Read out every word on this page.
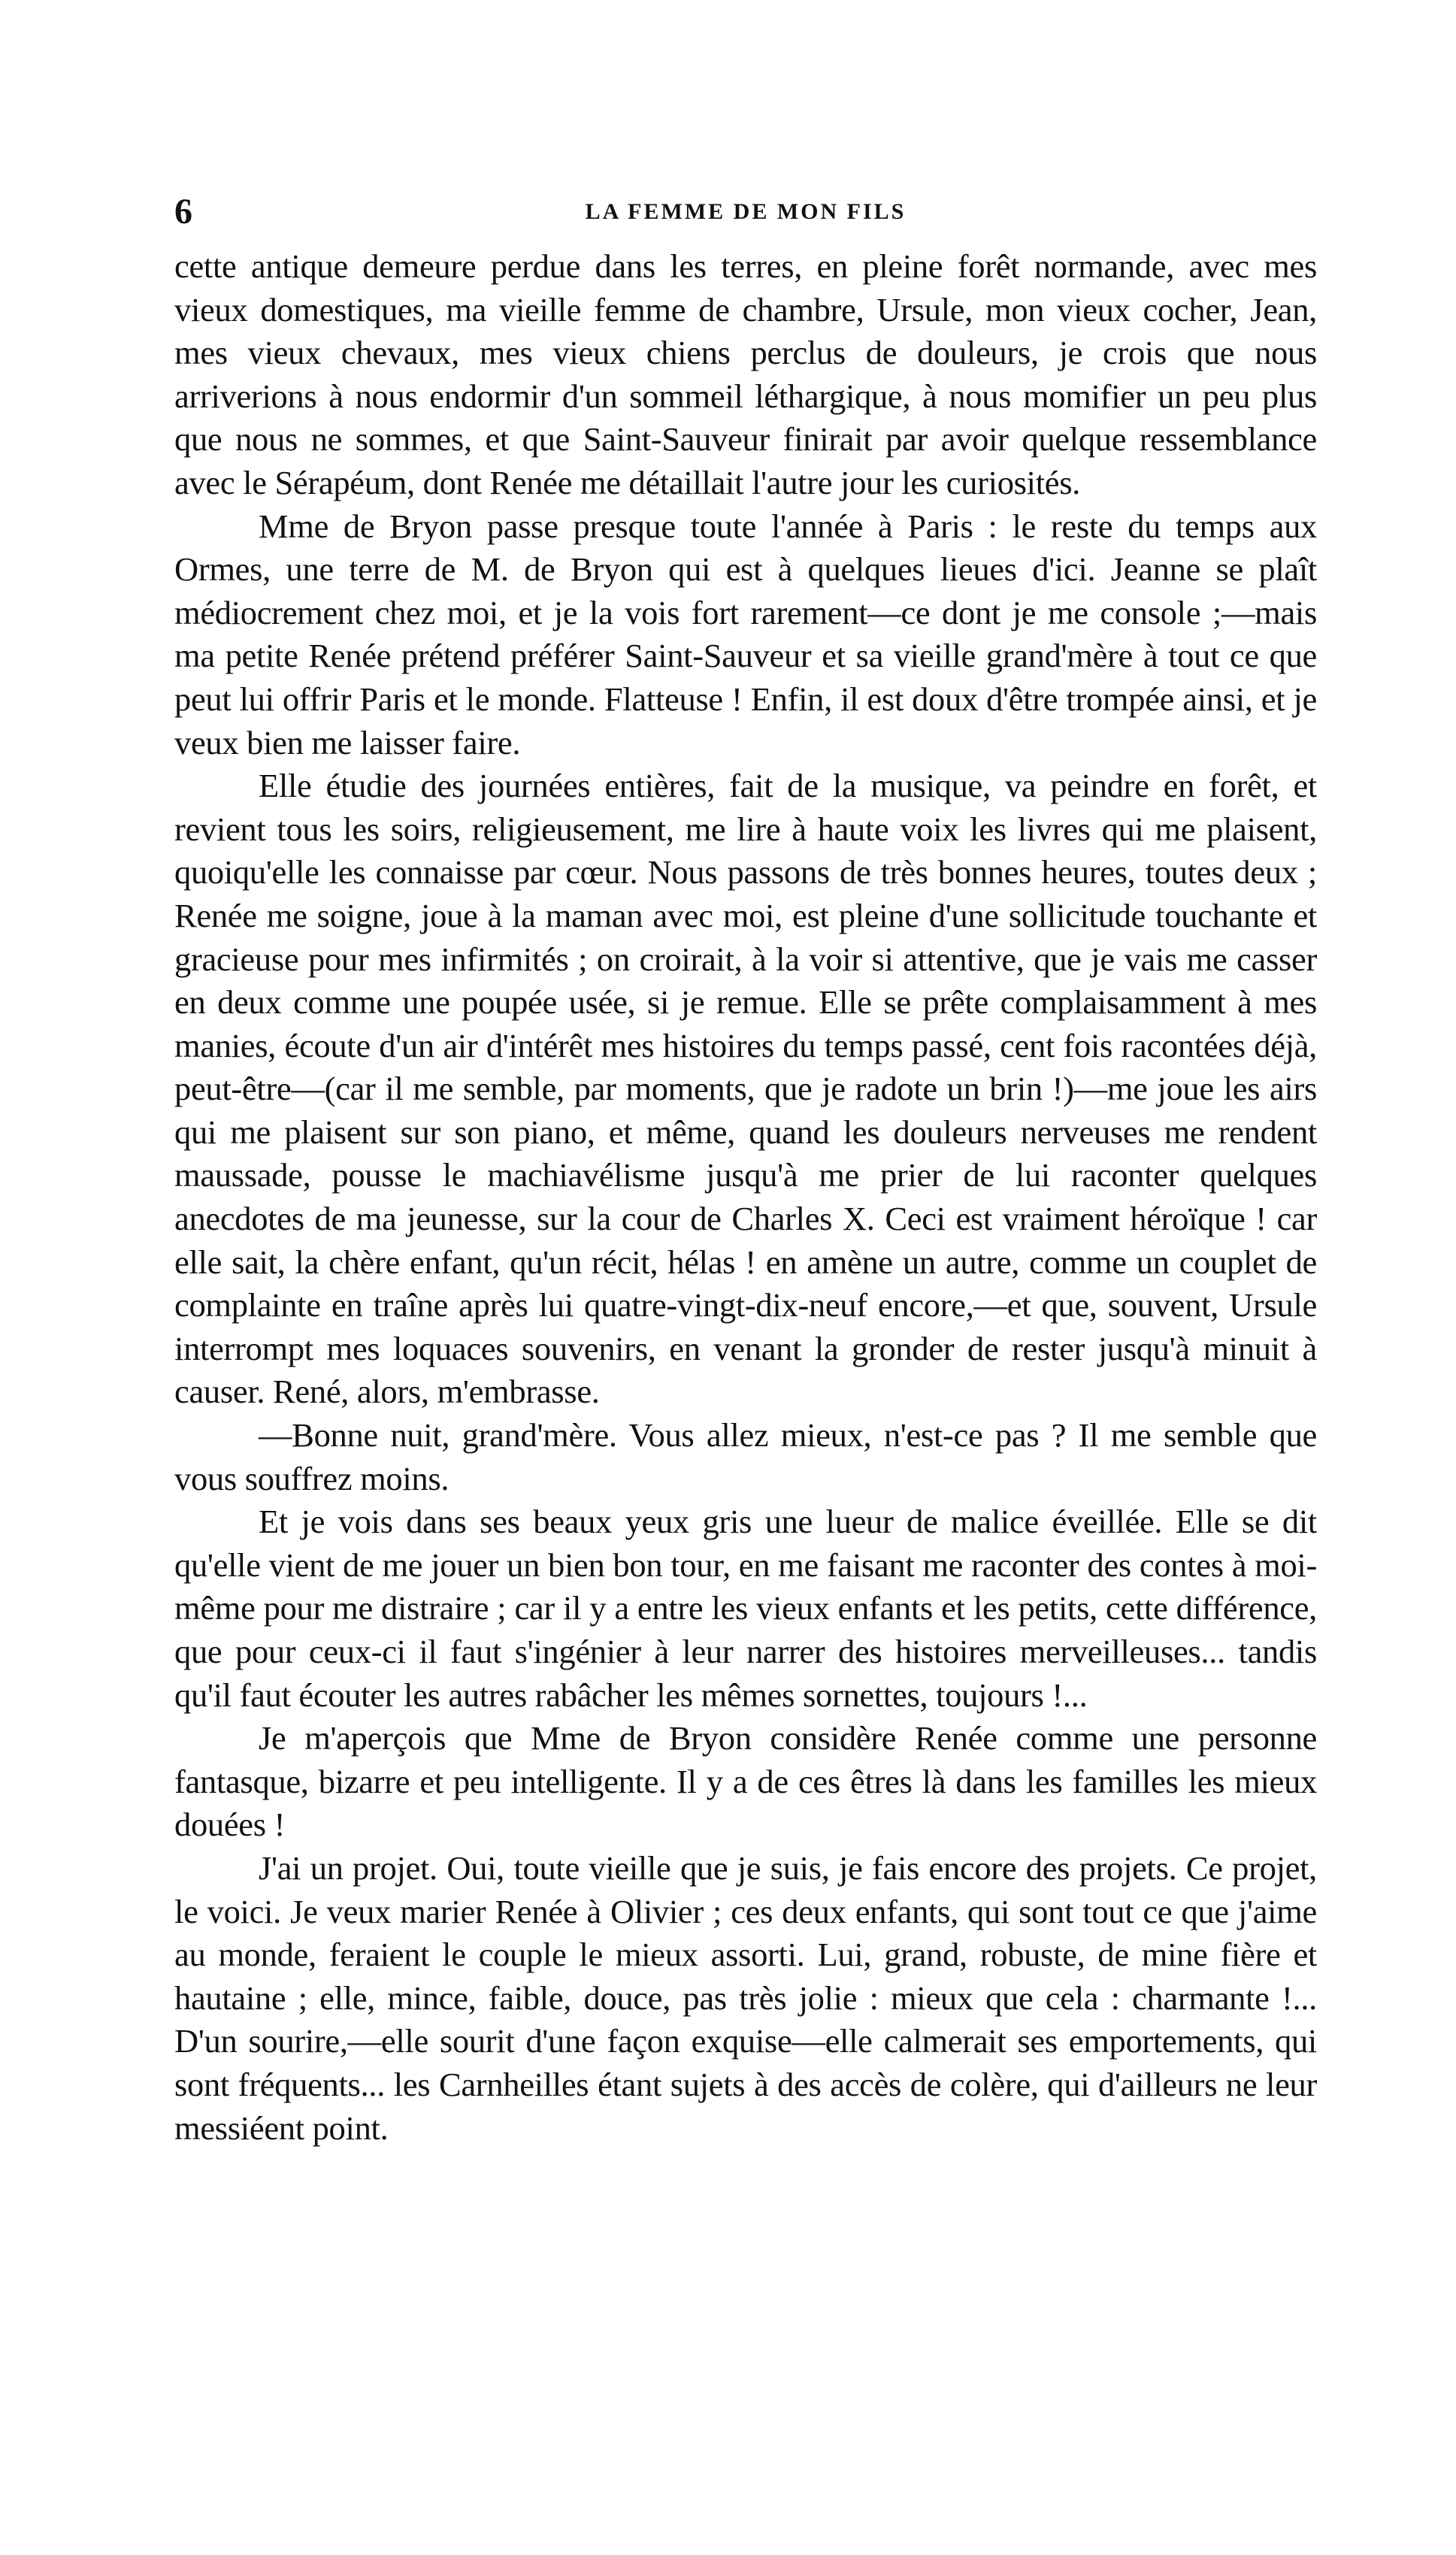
6	LA FEMME DE MON FILS

cette antique demeure perdue dans les terres, en pleine forêt normande, avec mes vieux domestiques, ma vieille femme de chambre, Ursule, mon vieux cocher, Jean, mes vieux chevaux, mes vieux chiens perclus de douleurs, je crois que nous arriverions à nous endormir d'un sommeil léthargique, à nous momifier un peu plus que nous ne sommes, et que Saint-Sauveur finirait par avoir quelque ressemblance avec le Sérapéum, dont Renée me détaillait l'autre jour les curiosités.

Mme de Bryon passe presque toute l'année à Paris : le reste du temps aux Ormes, une terre de M. de Bryon qui est à quelques lieues d'ici. Jeanne se plaît médiocrement chez moi, et je la vois fort rarement—ce dont je me console ;—mais ma petite Renée prétend préférer Saint-Sauveur et sa vieille grand'mère à tout ce que peut lui offrir Paris et le monde. Flatteuse ! Enfin, il est doux d'être trompée ainsi, et je veux bien me laisser faire.

Elle étudie des journées entières, fait de la musique, va peindre en forêt, et revient tous les soirs, religieusement, me lire à haute voix les livres qui me plaisent, quoiqu'elle les connaisse par cœur. Nous passons de très bonnes heures, toutes deux ; Renée me soigne, joue à la maman avec moi, est pleine d'une sollicitude touchante et gracieuse pour mes infirmités ; on croirait, à la voir si attentive, que je vais me casser en deux comme une poupée usée, si je remue. Elle se prête complaisamment à mes manies, écoute d'un air d'intérêt mes histoires du temps passé, cent fois racontées déjà, peut-être—(car il me semble, par moments, que je radote un brin !)—me joue les airs qui me plaisent sur son piano, et même, quand les douleurs nerveuses me rendent maussade, pousse le machiavélisme jusqu'à me prier de lui raconter quelques anecdotes de ma jeunesse, sur la cour de Charles X. Ceci est vraiment héroïque ! car elle sait, la chère enfant, qu'un récit, hélas ! en amène un autre, comme un couplet de complainte en traîne après lui quatre-vingt-dix-neuf encore,—et que, souvent, Ursule interrompt mes loquaces souvenirs, en venant la gronder de rester jusqu'à minuit à causer. René, alors, m'embrasse.

—Bonne nuit, grand'mère. Vous allez mieux, n'est-ce pas ? Il me semble que vous souffrez moins.

Et je vois dans ses beaux yeux gris une lueur de malice éveillée. Elle se dit qu'elle vient de me jouer un bien bon tour, en me faisant me raconter des contes à moi-même pour me distraire ; car il y a entre les vieux enfants et les petits, cette différence, que pour ceux-ci il faut s'ingénier à leur narrer des histoires merveilleuses... tandis qu'il faut écouter les autres rabâcher les mêmes sornettes, toujours !...

Je m'aperçois que Mme de Bryon considère Renée comme une personne fantasque, bizarre et peu intelligente. Il y a de ces êtres là dans les familles les mieux douées !

J'ai un projet. Oui, toute vieille que je suis, je fais encore des projets. Ce projet, le voici. Je veux marier Renée à Olivier ; ces deux enfants, qui sont tout ce que j'aime au monde, feraient le couple le mieux assorti. Lui, grand, robuste, de mine fière et hautaine ; elle, mince, faible, douce, pas très jolie : mieux que cela : charmante !... D'un sourire,—elle sourit d'une façon exquise—elle calmerait ses emportements, qui sont fréquents... les Carnheilles étant sujets à des accès de colère, qui d'ailleurs ne leur messiéent point.
